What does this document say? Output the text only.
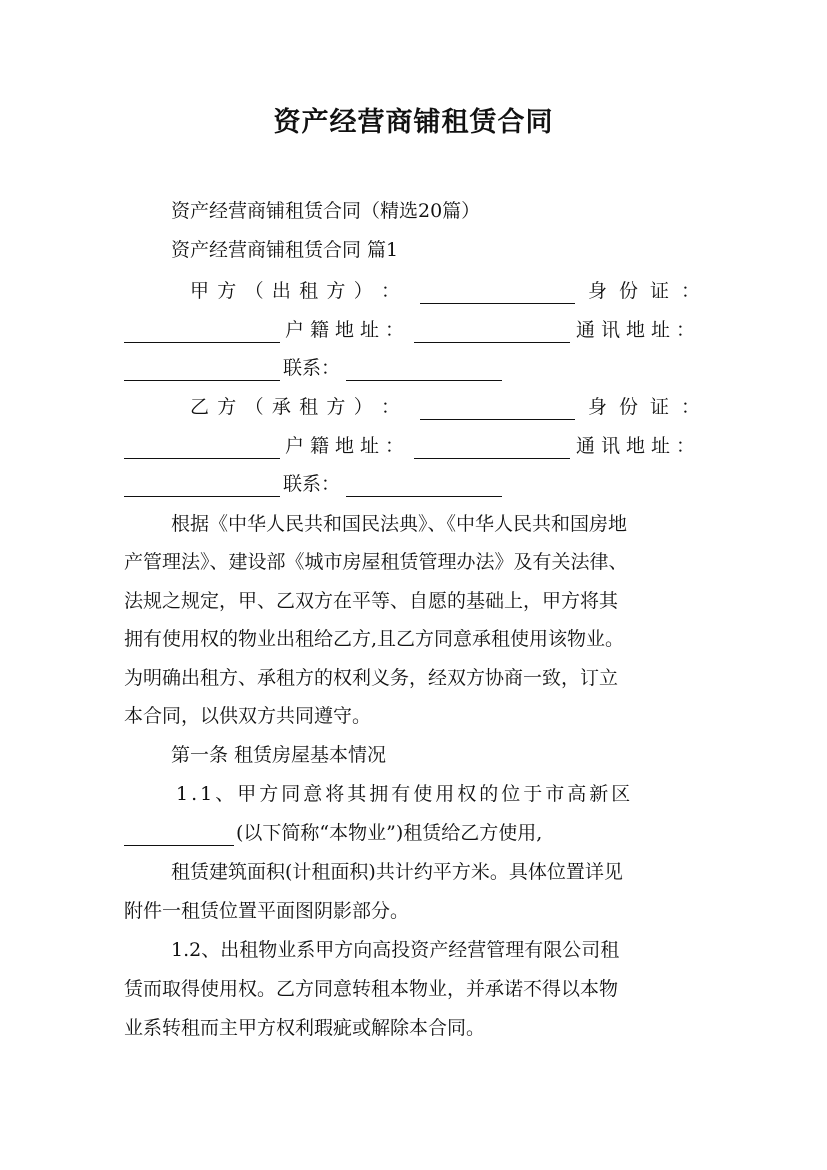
资产经营商铺租赁合同
资产经营商铺租赁合同（精选20篇）
资产经营商铺租赁合同 篇1
甲 方 （ 出 租 方 ） ：	身份证：
户籍地址：	通讯地址：
联系：
乙 方 （ 承 租 方 ） ：	身份证：
户籍地址：	通讯地址：
联系：
根据《中华人民共和国民法典》、《中华人民共和国房地
产管理法》、建设部《城市房屋租赁管理办法》及有关法律、
法规之规定，甲、乙双方在平等、自愿的基础上，甲方将其
拥有使用权的物业出租给乙方,且乙方同意承租使用该物业。
为明确出租方、承租方的权利义务，经双方协商一致，订立
本合同，以供双方共同遵守。
第一条 租赁房屋基本情况
1.1、甲方同意将其拥有使用权的位于市高新区
(以下简称“本物业”)租赁给乙方使用,
租赁建筑面积(计租面积)共计约平方米。具体位置详见
附件一租赁位置平面图阴影部分。
1.2、出租物业系甲方向高投资产经营管理有限公司租
赁而取得使用权。乙方同意转租本物业，并承诺不得以本物
业系转租而主甲方权利瑕疵或解除本合同。
